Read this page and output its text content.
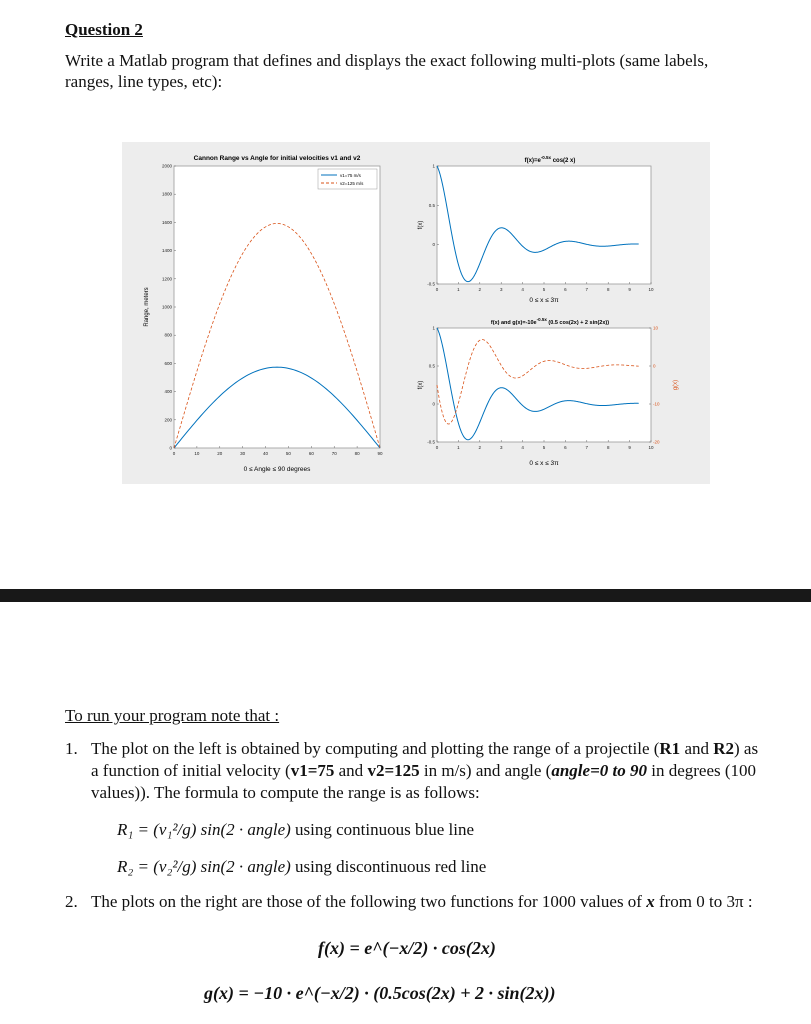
Question 2
Write a Matlab program that defines and displays the exact following multi-plots (same labels, ranges, line types, etc):
Cannon Range vs Angle for initial velocities v1 and v2
Range, meters
0 ≤ Angle ≤ 90 degrees
0	10	20	30	40	50	60	70	80	90
0
200
400
600
800
1000
1200
1400
1600
1800
2000
v1=75 m/s
v2=125 m/s
$f(x)=e^{-0.5x}$ cos(2 x)
f(x)
0 ≤ x ≤ 3π
0	1	2	3	4	5	6	7	8	9	10
-0.5
0
0.5
1
f(x) and $g(x)=-10e^{-0.5x}$ (0.5 cos(2x) + 2 sin(2x))
f(x)	g(x)
0 ≤ x ≤ 3π
0	1	2	3	4	5	6	7	8	9	10
-0.5
0
0.5
1
-20
-10
0
10
To run your program note that :
1. The plot on the left is obtained by computing and plotting the range of a projectile (R1 and R2) as a function of initial velocity (v1=75 and v2=125 in m/s) and angle (angle=0 to 90 in degrees (100 values)). The formula to compute the range is as follows:
R₁ = (v₁²/g) sin(2 · angle) using continuous blue line
R₂ = (v₂²/g) sin(2 · angle) using discontinuous red line
2. The plots on the right are those of the following two functions for 1000 values of x from 0 to 3π :
f(x) = e^(−x/2) · cos(2x)
g(x) = −10 · e^(−x/2) · (0.5cos(2x) + 2 · sin(2x))
